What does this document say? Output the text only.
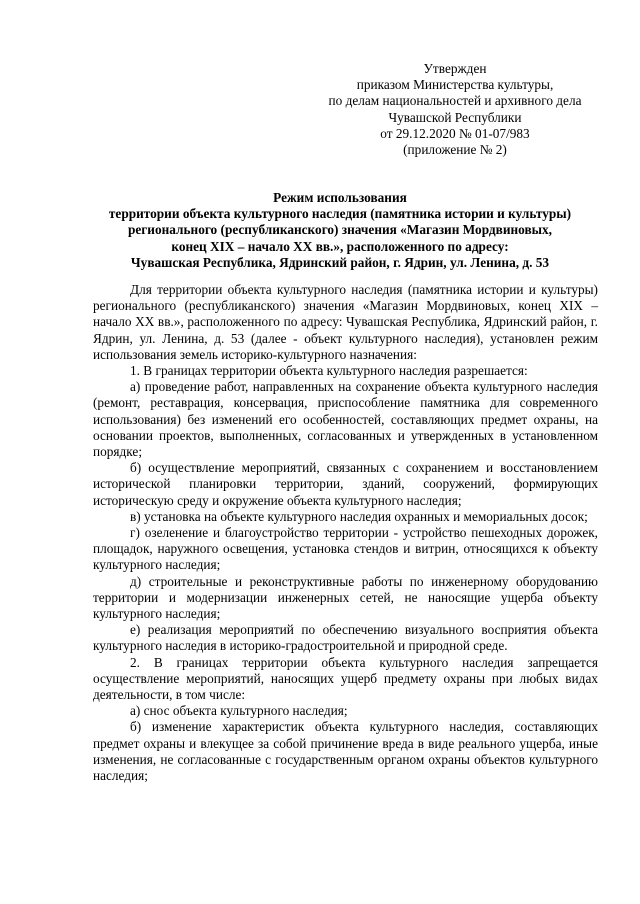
Утвержден
приказом Министерства культуры,
по делам национальностей и архивного дела
Чувашской Республики
от 29.12.2020 № 01-07/983
(приложение № 2)
Режим использования
территории объекта культурного наследия (памятника истории и культуры)
регионального (республиканского) значения «Магазин Мордвиновых,
конец XIX – начало XX вв.», расположенного по адресу:
Чувашская Республика, Ядринский район, г. Ядрин, ул. Ленина, д. 53

Для территории объекта культурного наследия (памятника истории и культуры) регионального (республиканского) значения «Магазин Мордвиновых, конец XIX – начало XX вв.», расположенного по адресу: Чувашская Республика, Ядринский район, г. Ядрин, ул. Ленина, д. 53 (далее - объект культурного наследия), установлен режим использования земель историко-культурного назначения:

1. В границах территории объекта культурного наследия разрешается:

а) проведение работ, направленных на сохранение объекта культурного наследия (ремонт, реставрация, консервация, приспособление памятника для современного использования) без изменений его особенностей, составляющих предмет охраны, на основании проектов, выполненных, согласованных и утвержденных в установленном порядке;

б) осуществление мероприятий, связанных с сохранением и восстановлением исторической планировки территории, зданий, сооружений, формирующих историческую среду и окружение объекта культурного наследия;

в) установка на объекте культурного наследия охранных и мемориальных досок;

г) озеленение и благоустройство территории - устройство пешеходных дорожек, площадок, наружного освещения, установка стендов и витрин, относящихся к объекту культурного наследия;

д) строительные и реконструктивные работы по инженерному оборудованию территории и модернизации инженерных сетей, не наносящие ущерба объекту культурного наследия;

е) реализация мероприятий по обеспечению визуального восприятия объекта культурного наследия в историко-градостроительной и природной среде.

2. В границах территории объекта культурного наследия запрещается осуществление мероприятий, наносящих ущерб предмету охраны при любых видах деятельности, в том числе:

а) снос объекта культурного наследия;

б) изменение характеристик объекта культурного наследия, составляющих предмет охраны и влекущее за собой причинение вреда в виде реального ущерба, иные изменения, не согласованные с государственным органом охраны объектов культурного наследия;
